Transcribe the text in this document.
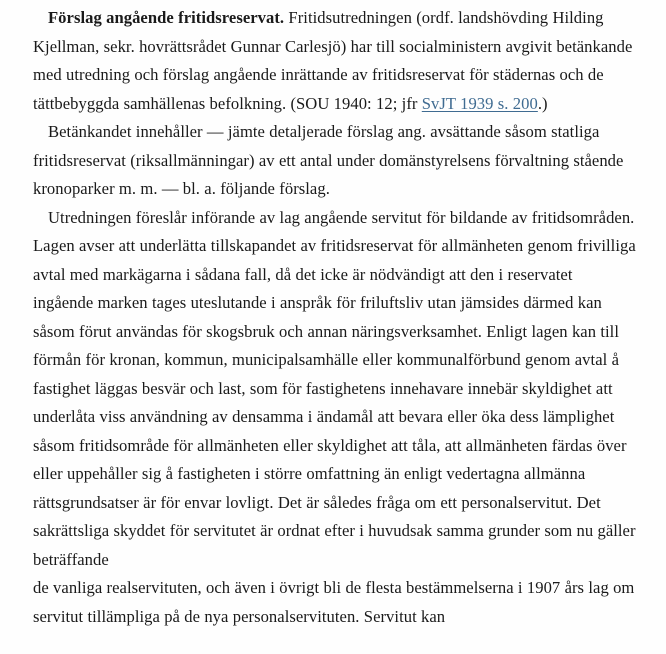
Förslag angående fritidsreservat. Fritidsutredningen (ordf. landshövding Hilding Kjellman, sekr. hovrättsrådet Gunnar Carlesjö) har till socialministern avgivit betänkande med utredning och förslag angående inrättande av fritidsreservat för städernas och de tättbebyggda samhällenas befolkning. (SOU 1940: 12; jfr SvJT 1939 s. 200.)

Betänkandet innehåller — jämte detaljerade förslag ang. avsättande såsom statliga fritidsreservat (riksallmänningar) av ett antal under domänstyrelsens förvaltning stående kronoparker m. m. — bl. a. följande förslag.

Utredningen föreslår införande av lag angående servitut för bildande av fritidsområden. Lagen avser att underlätta tillskapandet av fritidsreservat för allmänheten genom frivilliga avtal med markägarna i sådana fall, då det icke är nödvändigt att den i reservatet ingående marken tages uteslutande i anspråk för friluftsliv utan jämsides därmed kan såsom förut användas för skogsbruk och annan näringsverksamhet. Enligt lagen kan till förmån för kronan, kommun, municipalsamhälle eller kommunalförbund genom avtal å fastighet läggas besvär och last, som för fastighetens innehavare innebär skyldighet att underlåta viss användning av densamma i ändamål att bevara eller öka dess lämplighet såsom fritidsområde för allmänheten eller skyldighet att tåla, att allmänheten färdas över eller uppehåller sig å fastigheten i större omfattning än enligt vedertagna allmänna rättsgrundsatser är för envar lovligt. Det är således fråga om ett personalservitut. Det sakrättsliga skyddet för servitutet är ordnat efter i huvudsak samma grunder som nu gäller beträffande

de vanliga realservituten, och även i övrigt bli de flesta bestämmelserna i 1907 års lag om servitut tillämpliga på de nya personalservituten. Servitut kan
